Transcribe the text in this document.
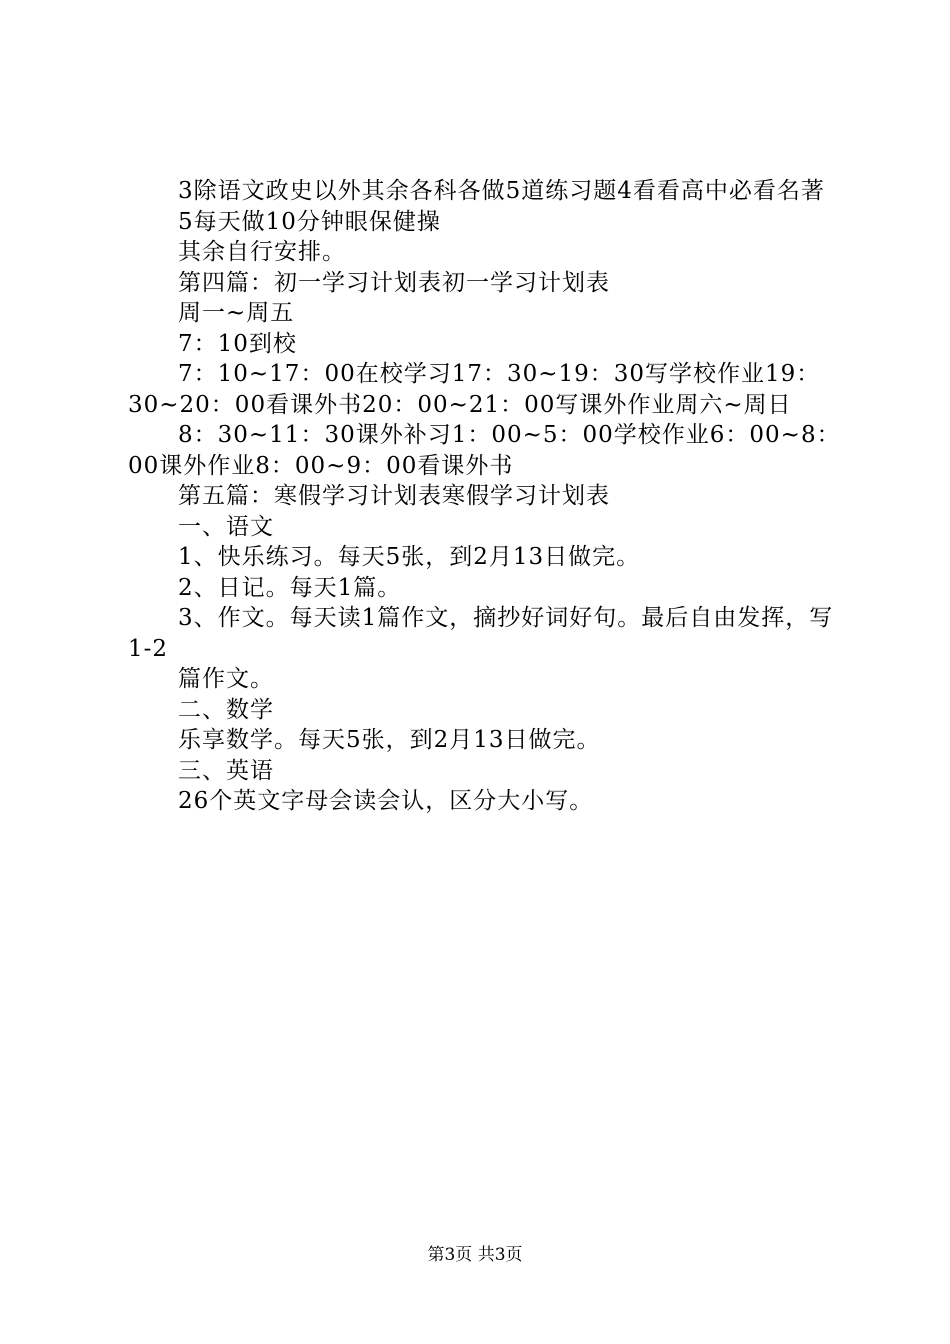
3除语文政史以外其余各科各做5道练习题4看看高中必看名著

5每天做10分钟眼保健操

其余自行安排。

第四篇：初一学习计划表初一学习计划表

周一~周五

7：10到校

7：10~17：00在校学习17：30~19：30写学校作业19：30~20：00看课外书20：00~21：00写课外作业周六~周日

8：30~11：30课外补习1：00~5：00学校作业6：00~8：00课外作业8：00~9：00看课外书

第五篇：寒假学习计划表寒假学习计划表

一、语文

1、快乐练习。每天5张，到2月13日做完。

2、日记。每天1篇。

3、作文。每天读1篇作文，摘抄好词好句。最后自由发挥，写1-2

篇作文。

二、数学

乐享数学。每天5张，到2月13日做完。

三、英语

26个英文字母会读会认，区分大小写。

第3页 共3页
